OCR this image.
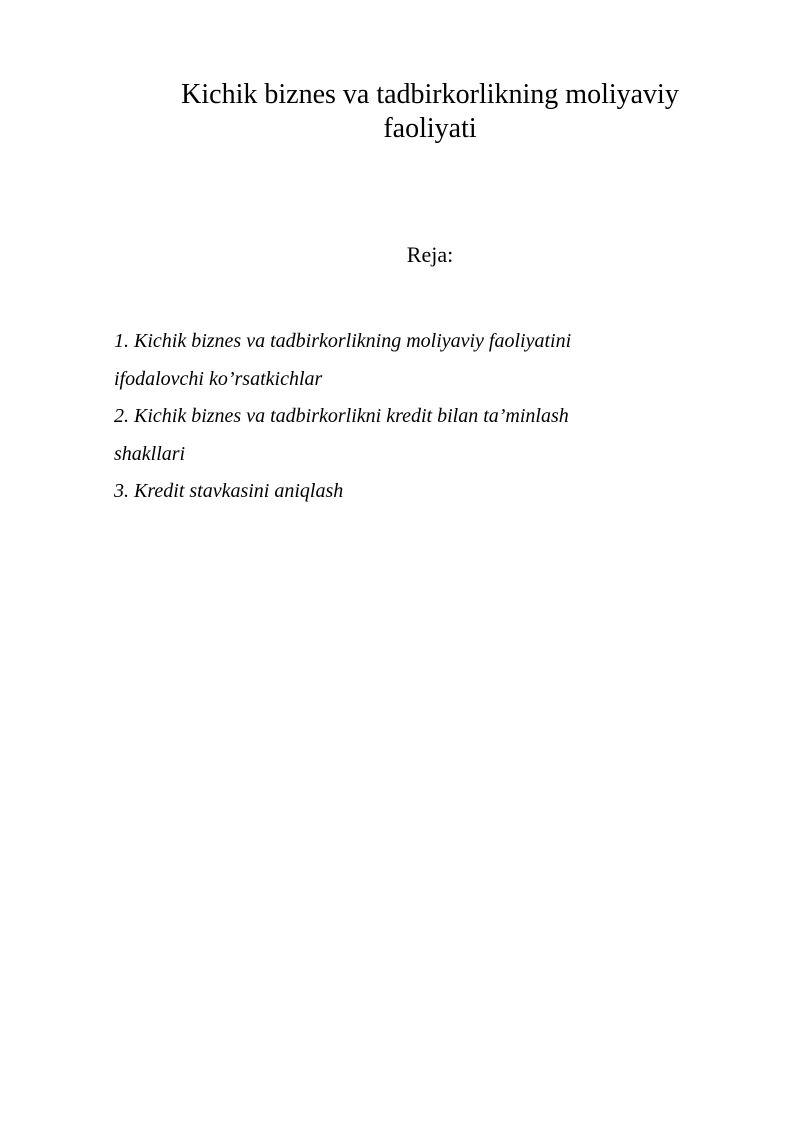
Kichik biznes va tadbirkorlikning moliyaviy
faoliyati
Reja:
1. Kichik biznes va tadbirkorlikning moliyaviy faoliyatini
ifodalovchi ko’rsatkichlar
2. Kichik biznes va tadbirkorlikni kredit bilan ta’minlash
shakllari
3. Kredit stavkasini aniqlash
